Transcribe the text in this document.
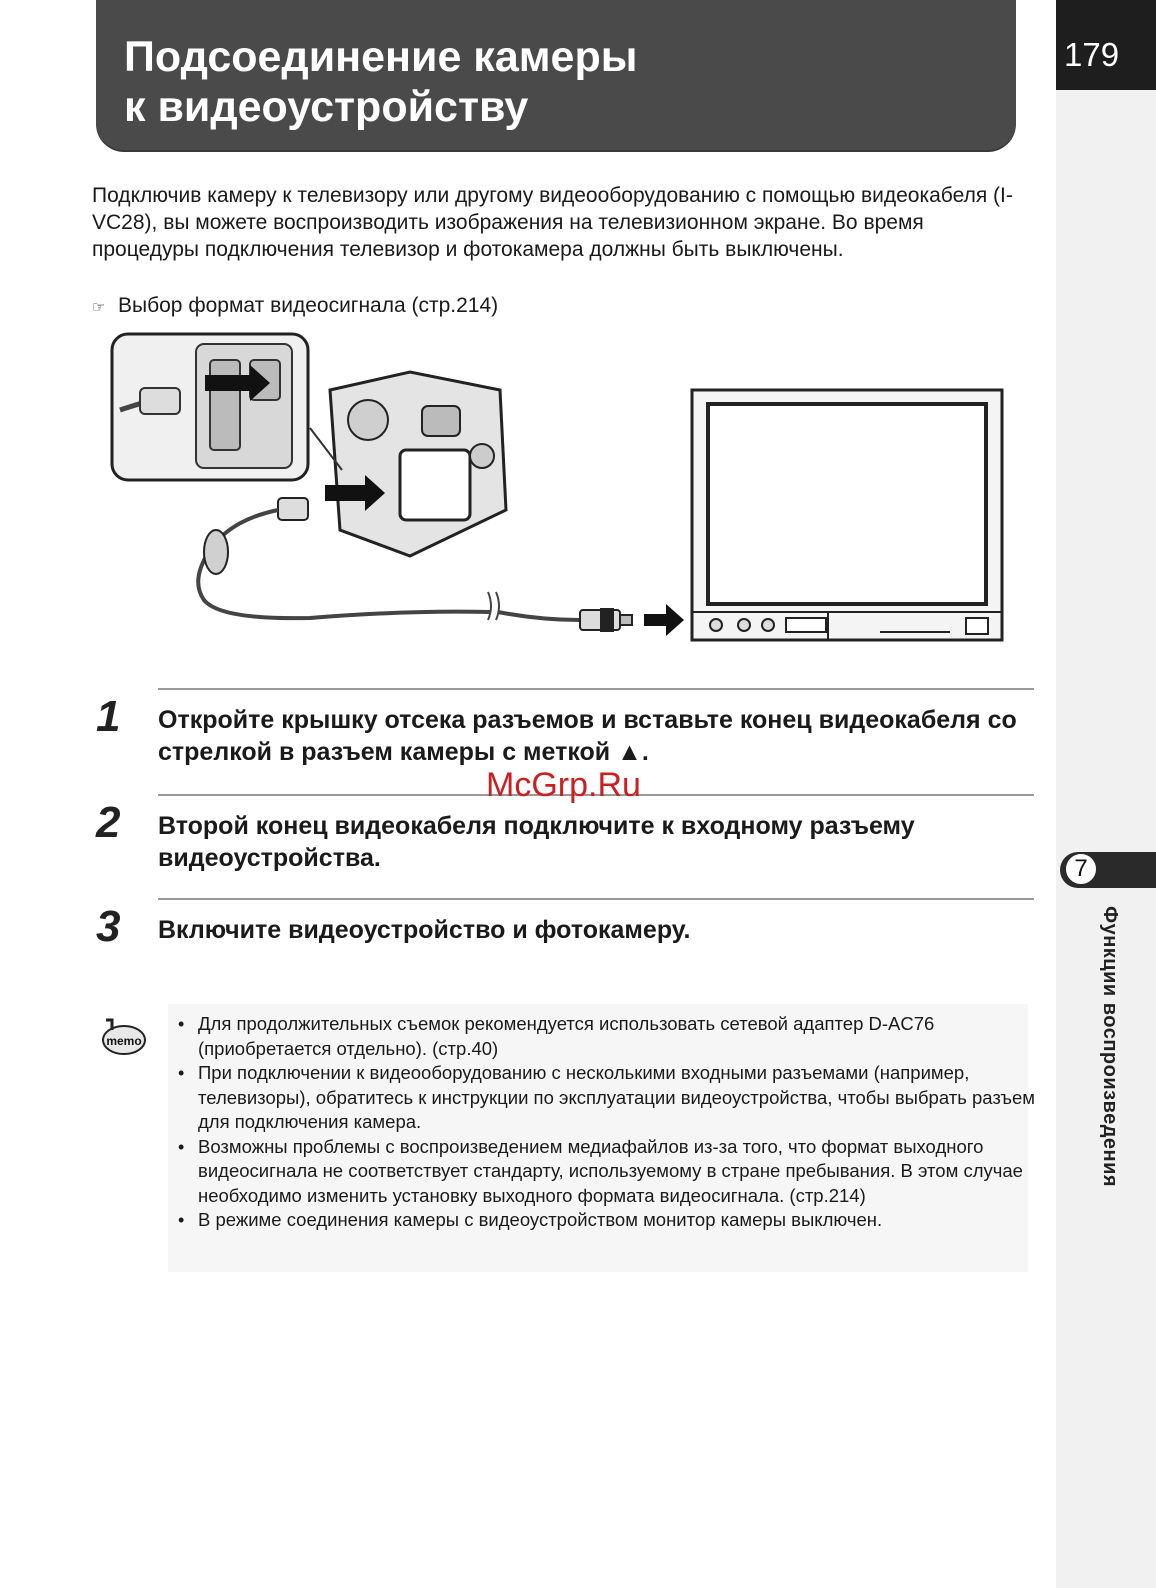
Подсоединение камеры
к видеоустройству
179
7
Функции воспроизведения
Подключив камеру к телевизору или другому видеооборудованию с помощью видеокабеля (I-VC28), вы можете воспроизводить изображения на телевизионном экране. Во время процедуры подключения телевизор и фотокамера должны быть выключены.
☞ Выбор формат видеосигнала (стр.214)
1 Откройте крышку отсека разъемов и вставьте конец видеокабеля со стрелкой в разъем камеры с меткой ▲.
2 Второй конец видеокабеля подключите к входному разъему видеоустройства.
3 Включите видеоустройство и фотокамеру.
memo
• Для продолжительных съемок рекомендуется использовать сетевой адаптер D-AC76 (приобретается отдельно). (стр.40)
• При подключении к видеооборудованию с несколькими входными разъемами (например, телевизоры), обратитесь к инструкции по эксплуатации видеоустройства, чтобы выбрать разъем для подключения камера.
• Возможны проблемы с воспроизведением медиафайлов из-за того, что формат выходного видеосигнала не соответствует стандарту, используемому в стране пребывания. В этом случае необходимо изменить установку выходного формата видеосигнала. (стр.214)
• В режиме соединения камеры с видеоустройством монитор камеры выключен.
McGrp.Ru
